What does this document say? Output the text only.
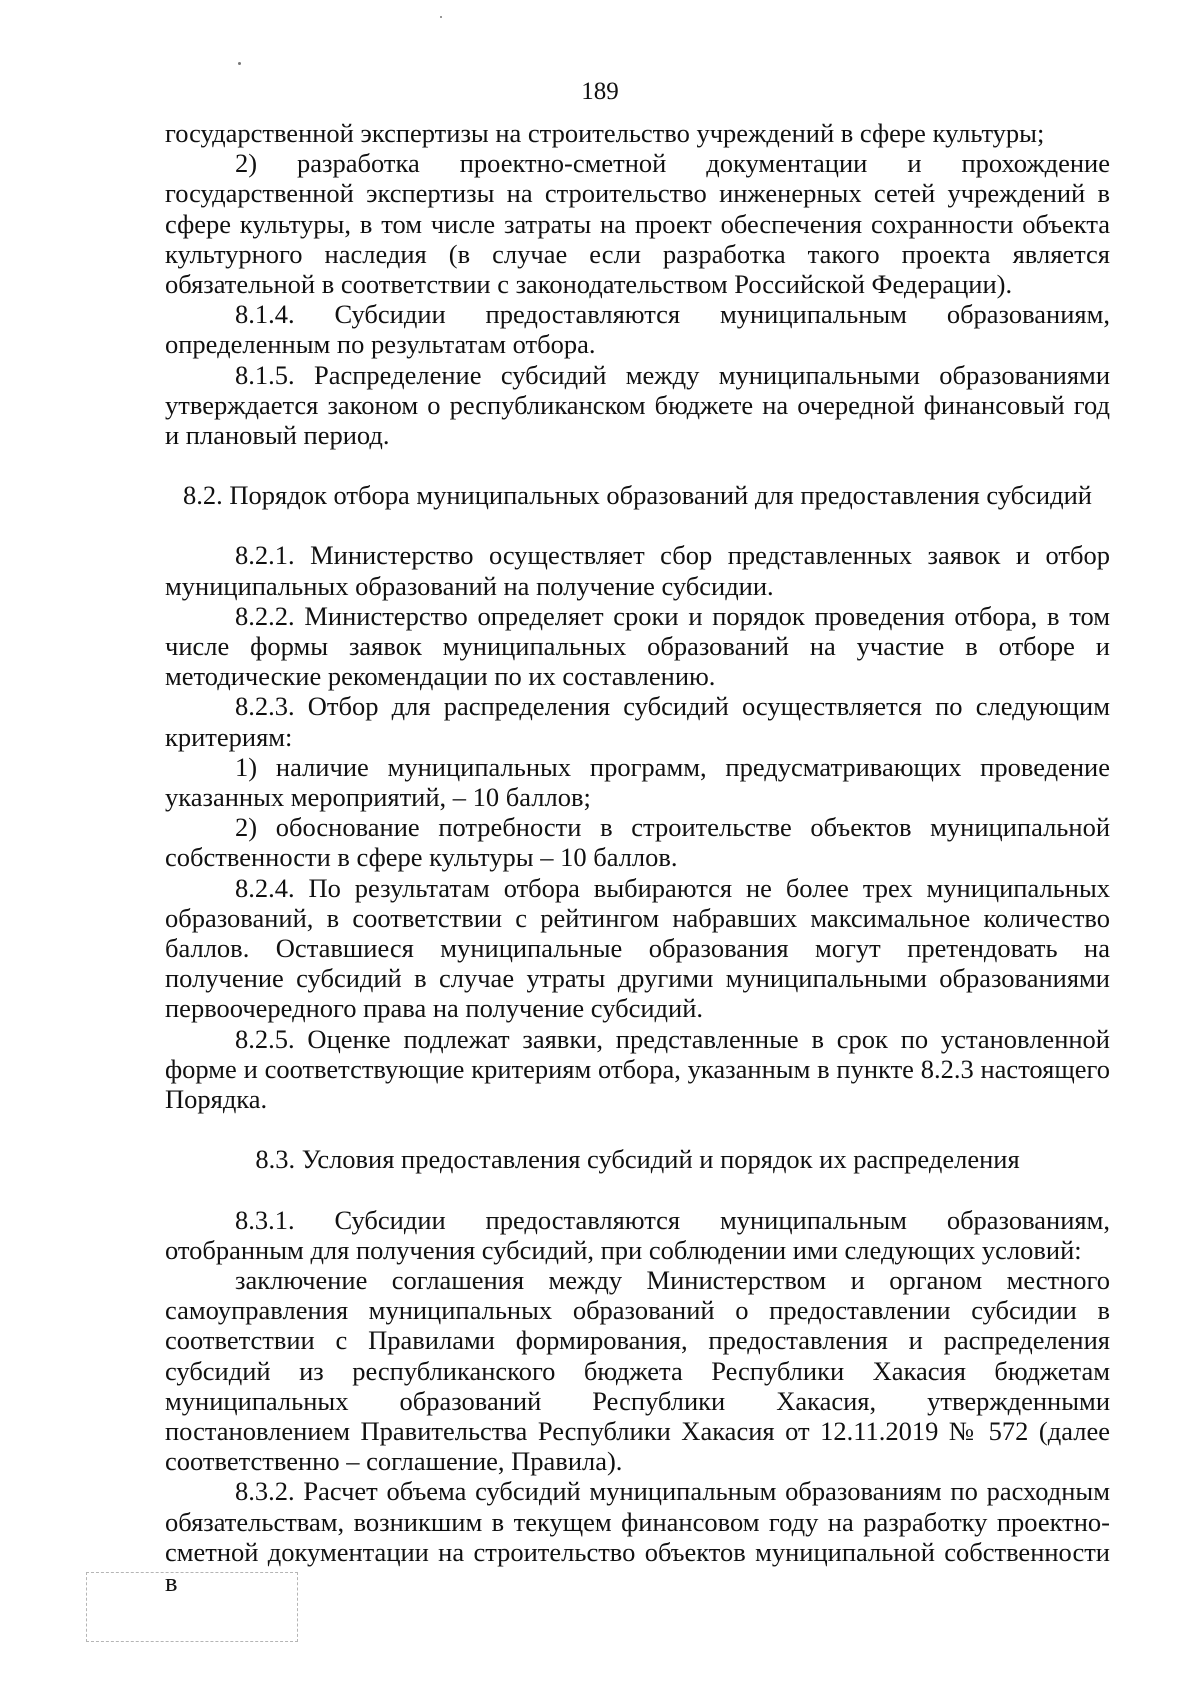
189

государственной экспертизы на строительство учреждений в сфере культуры;

2) разработка проектно-сметной документации и прохождение государственной экспертизы на строительство инженерных сетей учреждений в сфере культуры, в том числе затраты на проект обеспечения сохранности объекта культурного наследия (в случае если разработка такого проекта является обязательной в соответствии с законодательством Российской Федерации).

8.1.4. Субсидии предоставляются муниципальным образованиям, определенным по результатам отбора.

8.1.5. Распределение субсидий между муниципальными образованиями утверждается законом о республиканском бюджете на очередной финансовый год и плановый период.

8.2. Порядок отбора муниципальных образований для предоставления субсидий

8.2.1. Министерство осуществляет сбор представленных заявок и отбор муниципальных образований на получение субсидии.

8.2.2. Министерство определяет сроки и порядок проведения отбора, в том числе формы заявок муниципальных образований на участие в отборе и методические рекомендации по их составлению.

8.2.3. Отбор для распределения субсидий осуществляется по следующим критериям:

1) наличие муниципальных программ, предусматривающих проведение указанных мероприятий, – 10 баллов;

2) обоснование потребности в строительстве объектов муниципальной собственности в сфере культуры – 10 баллов.

8.2.4. По результатам отбора выбираются не более трех муниципальных образований, в соответствии с рейтингом набравших максимальное количество баллов. Оставшиеся муниципальные образования могут претендовать на получение субсидий в случае утраты другими муниципальными образованиями первоочередного права на получение субсидий.

8.2.5. Оценке подлежат заявки, представленные в срок по установленной форме и соответствующие критериям отбора, указанным в пункте 8.2.3 настоящего Порядка.

8.3. Условия предоставления субсидий и порядок их распределения

8.3.1. Субсидии предоставляются муниципальным образованиям, отобранным для получения субсидий, при соблюдении ими следующих условий:

заключение соглашения между Министерством и органом местного самоуправления муниципальных образований о предоставлении субсидии в соответствии с Правилами формирования, предоставления и распределения субсидий из республиканского бюджета Республики Хакасия бюджетам муниципальных образований Республики Хакасия, утвержденными постановлением Правительства Республики Хакасия от 12.11.2019 № 572 (далее соответственно – соглашение, Правила).

8.3.2. Расчет объема субсидий муниципальным образованиям по расходным обязательствам, возникшим в текущем финансовом году на разработку проектно-сметной документации на строительство объектов муниципальной собственности в
